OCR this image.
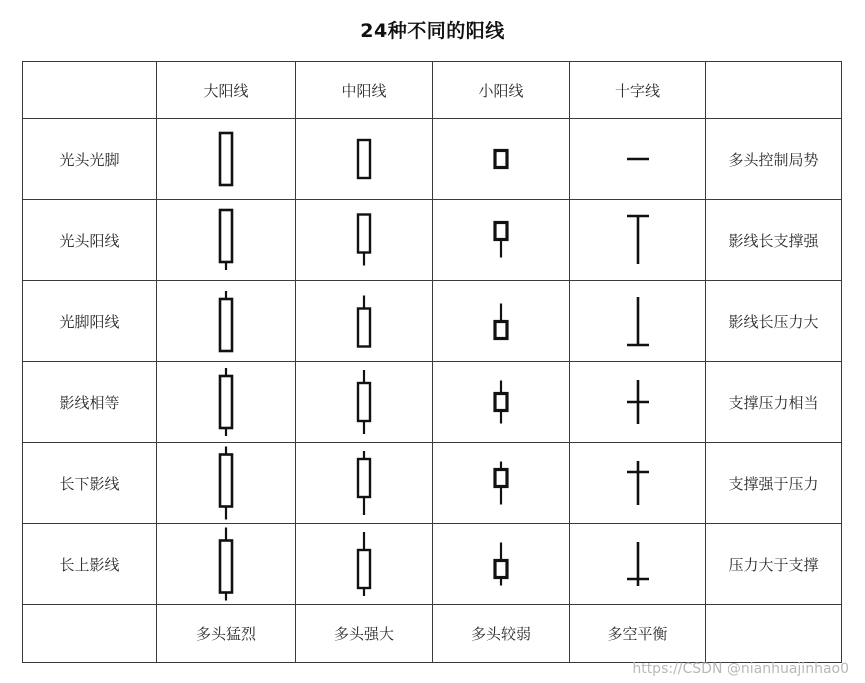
24种不同的阳线
	大阳线	中阳线	小阳线	十字线	
光头光脚					多头控制局势
光头阳线					影线长支撑强
光脚阳线					影线长压力大
影线相等					支撑压力相当
长下影线					支撑强于压力
长上影线					压力大于支撑
	多头猛烈	多头强大	多头较弱	多空平衡	
https://CSDN @nianhuajinhao0
